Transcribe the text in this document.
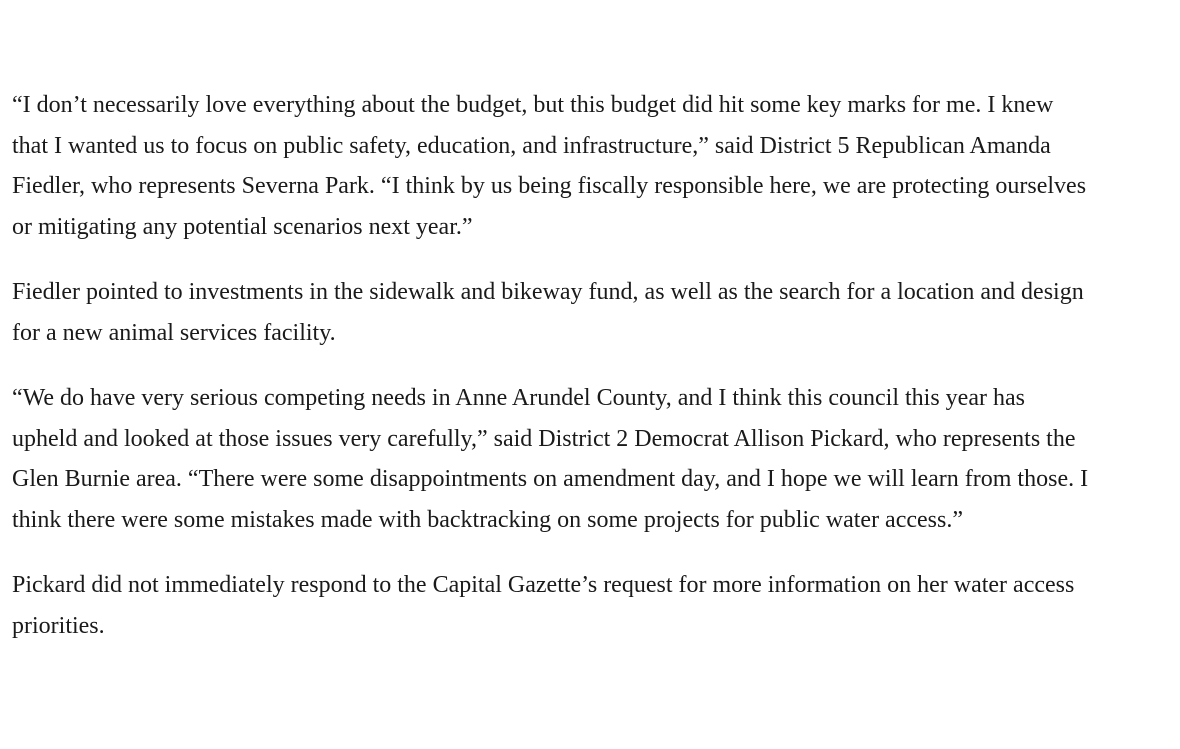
“I don’t necessarily love everything about the budget, but this budget did hit some key marks for me. I knew that I wanted us to focus on public safety, education, and infrastructure,” said District 5 Republican Amanda Fiedler, who represents Severna Park. “I think by us being fiscally responsible here, we are protecting ourselves or mitigating any potential scenarios next year.”

Fiedler pointed to investments in the sidewalk and bikeway fund, as well as the search for a location and design for a new animal services facility.

“We do have very serious competing needs in Anne Arundel County, and I think this council this year has upheld and looked at those issues very carefully,” said District 2 Democrat Allison Pickard, who represents the Glen Burnie area. “There were some disappointments on amendment day, and I hope we will learn from those. I think there were some mistakes made with backtracking on some projects for public water access.”

Pickard did not immediately respond to the Capital Gazette’s request for more information on her water access priorities.
